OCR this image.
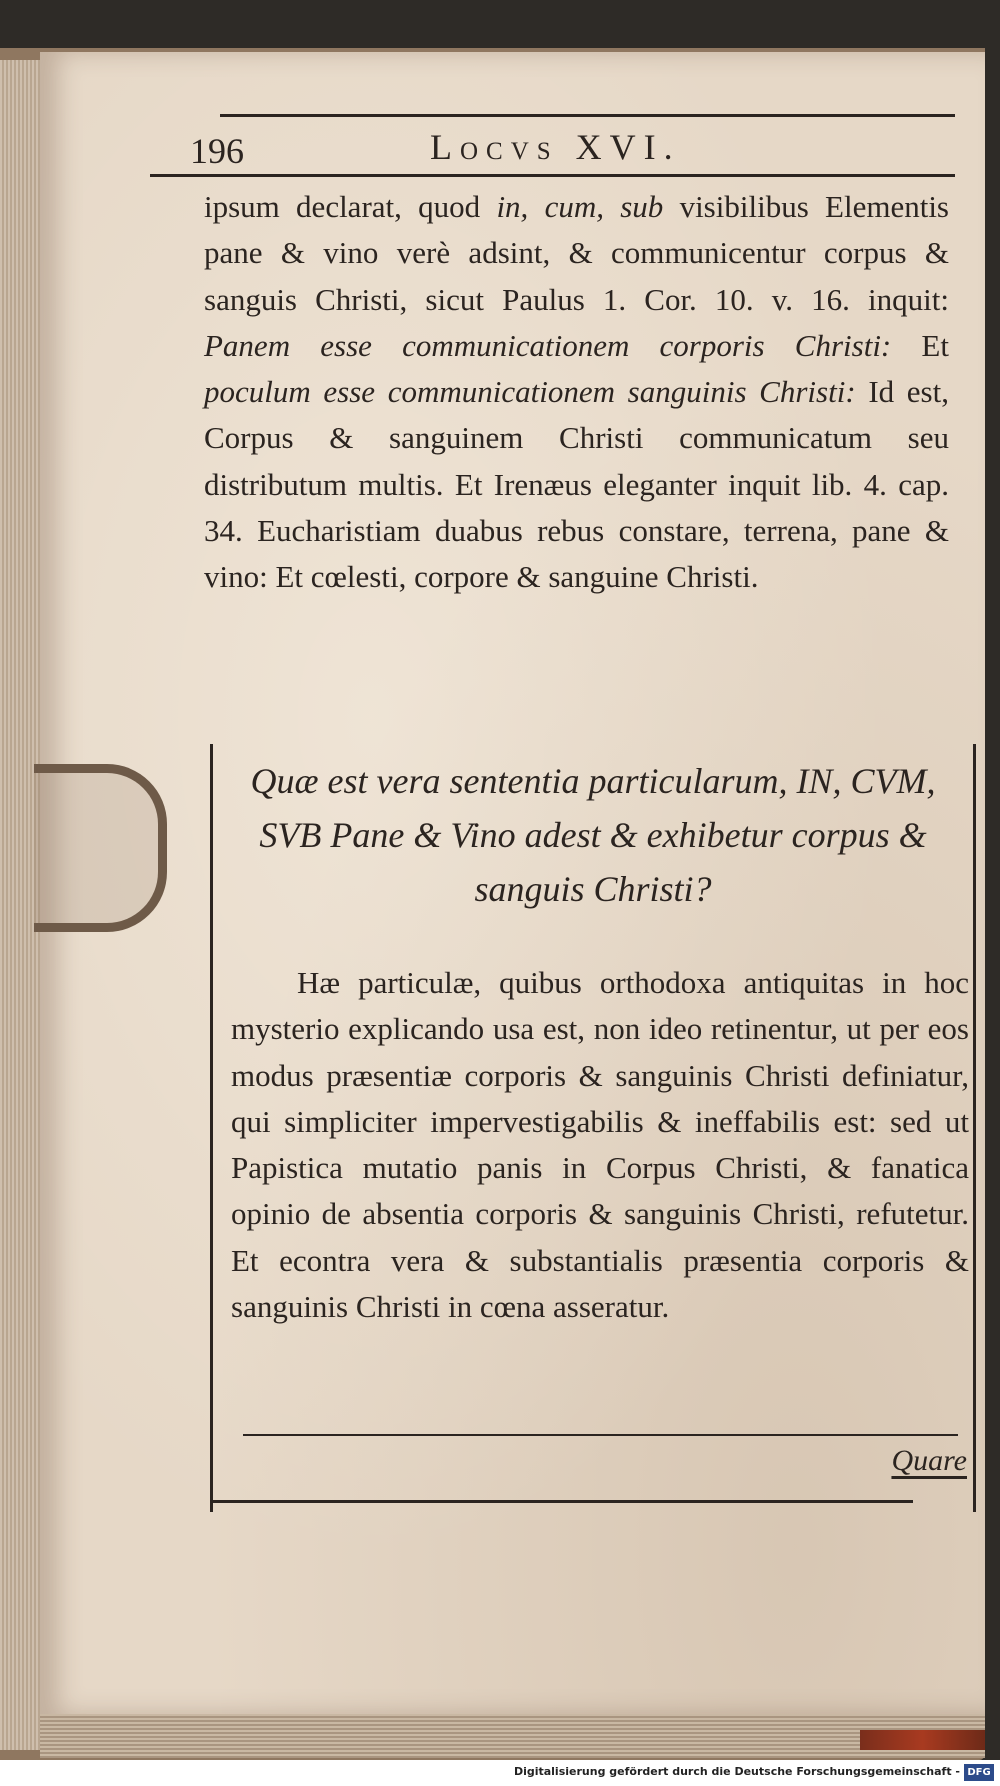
196	Locvs XVI.
ipsum declarat, quod in, cum, sub visibilibus Elementis pane & vino verè adsint, & communicentur corpus & sanguis Christi, sicut Paulus 1. Cor. 10. v. 16. inquit: Panem esse communicationem corporis Christi: Et poculum esse communicationem sanguinis Christi: Id est, Corpus & sanguinem Christi communicatum seu distributum multis. Et Irenæus eleganter inquit lib. 4. cap. 34. Eucharistiam duabus rebus constare, terrena, pane & vino: Et cœlesti, corpore & sanguine Christi.
Quæ est vera sententia particularum, IN, CVM, SVB Pane & Vino adest & exhibetur corpus & sanguis Christi?
Hæ particulæ, quibus orthodoxa antiquitas in hoc mysterio explicando usa est, non ideo retinentur, ut per eos modus præsentiæ corporis & sanguinis Christi definiatur, qui simpliciter impervestigabilis & ineffabilis est: sed ut Papistica mutatio panis in Corpus Christi, & fanatica opinio de absentia corporis & sanguinis Christi, refutetur. Et econtra vera & substantialis præsentia corporis & sanguinis Christi in cœna asseratur.
Quare
Digitalisierung gefördert durch die Deutsche Forschungsgemeinschaft - DFG
